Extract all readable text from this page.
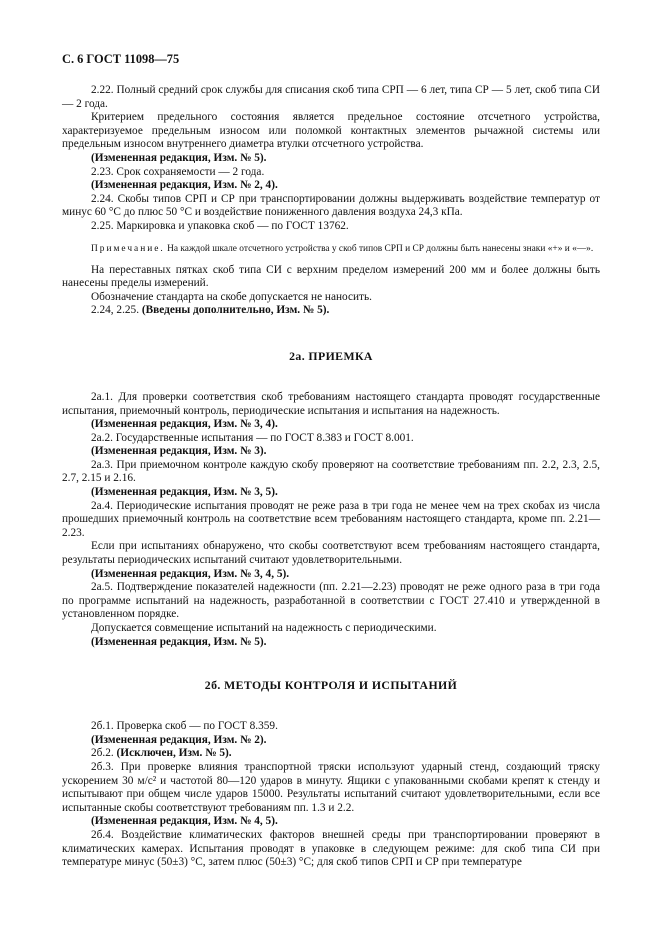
С. 6 ГОСТ 11098—75

2.22. Полный средний срок службы для списания скоб типа СРП — 6 лет, типа СР — 5 лет, скоб типа СИ — 2 года.

Критерием предельного состояния является предельное состояние отсчетного устройства, характеризуемое предельным износом или поломкой контактных элементов рычажной системы или предельным износом внутреннего диаметра втулки отсчетного устройства.

(Измененная редакция, Изм. № 5).

2.23. Срок сохраняемости — 2 года.

(Измененная редакция, Изм. № 2, 4).

2.24. Скобы типов СРП и СР при транспортировании должны выдерживать воздействие температур от минус 60 °С до плюс 50 °С и воздействие пониженного давления воздуха 24,3 кПа.

2.25. Маркировка и упаковка скоб — по ГОСТ 13762.

Примечание. На каждой шкале отсчетного устройства у скоб типов СРП и СР должны быть нанесены знаки «+» и «—».

На переставных пятках скоб типа СИ с верхним пределом измерений 200 мм и более должны быть нанесены пределы измерений.

Обозначение стандарта на скобе допускается не наносить.

2.24, 2.25. (Введены дополнительно, Изм. № 5).

2а. ПРИЕМКА

2а.1. Для проверки соответствия скоб требованиям настоящего стандарта проводят государственные испытания, приемочный контроль, периодические испытания и испытания на надежность.

(Измененная редакция, Изм. № 3, 4).

2а.2. Государственные испытания — по ГОСТ 8.383 и ГОСТ 8.001.

(Измененная редакция, Изм. № 3).

2а.3. При приемочном контроле каждую скобу проверяют на соответствие требованиям пп. 2.2, 2.3, 2.5, 2.7, 2.15 и 2.16.

(Измененная редакция, Изм. № 3, 5).

2а.4. Периодические испытания проводят не реже раза в три года не менее чем на трех скобах из числа прошедших приемочный контроль на соответствие всем требованиям настоящего стандарта, кроме пп. 2.21—2.23.

Если при испытаниях обнаружено, что скобы соответствуют всем требованиям настоящего стандарта, результаты периодических испытаний считают удовлетворительными.

(Измененная редакция, Изм. № 3, 4, 5).

2а.5. Подтверждение показателей надежности (пп. 2.21—2.23) проводят не реже одного раза в три года по программе испытаний на надежность, разработанной в соответствии с ГОСТ 27.410 и утвержденной в установленном порядке.

Допускается совмещение испытаний на надежность с периодическими.

(Измененная редакция, Изм. № 5).

2б. МЕТОДЫ КОНТРОЛЯ И ИСПЫТАНИЙ

2б.1. Проверка скоб — по ГОСТ 8.359.

(Измененная редакция, Изм. № 2).

2б.2. (Исключен, Изм. № 5).

2б.3. При проверке влияния транспортной тряски используют ударный стенд, создающий тряску ускорением 30 м/с² и частотой 80—120 ударов в минуту. Ящики с упакованными скобами крепят к стенду и испытывают при общем числе ударов 15000. Результаты испытаний считают удовлетворительными, если все испытанные скобы соответствуют требованиям пп. 1.3 и 2.2.

(Измененная редакция, Изм. № 4, 5).

2б.4. Воздействие климатических факторов внешней среды при транспортировании проверяют в климатических камерах. Испытания проводят в упаковке в следующем режиме: для скоб типа СИ при температуре минус (50±3) °С, затем плюс (50±3) °С; для скоб типов СРП и СР при температуре
